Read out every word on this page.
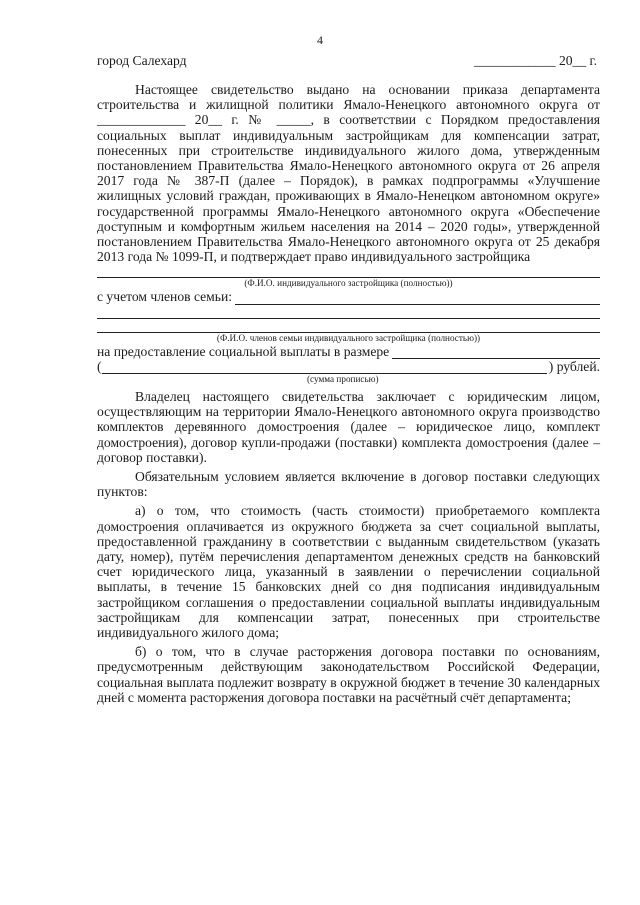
4
город Салехард	____________ 20__ г.

Настоящее свидетельство выдано на основании приказа департамента строительства и жилищной политики Ямало-Ненецкого автономного округа от _____________ 20__ г. № _____, в соответствии с Порядком предоставления социальных выплат индивидуальным застройщикам для компенсации затрат, понесенных при строительстве индивидуального жилого дома, утвержденным постановлением Правительства Ямало-Ненецкого автономного округа от 26 апреля 2017 года № 387-П (далее – Порядок), в рамках подпрограммы «Улучшение жилищных условий граждан, проживающих в Ямало-Ненецком автономном округе» государственной программы Ямало-Ненецкого автономного округа «Обеспечение доступным и комфортным жильем населения на 2014 – 2020 годы», утвержденной постановлением Правительства Ямало-Ненецкого автономного округа от 25 декабря 2013 года № 1099-П, и подтверждает право индивидуального застройщика

(Ф.И.О. индивидуального застройщика (полностью))
с учетом членов семьи:
(Ф.И.О. членов семьи индивидуального застройщика (полностью))
на предоставление социальной выплаты в размере
(	) рублей.
(сумма прописью)

Владелец настоящего свидетельства заключает с юридическим лицом, осуществляющим на территории Ямало-Ненецкого автономного округа производство комплектов деревянного домостроения (далее – юридическое лицо, комплект домостроения), договор купли-продажи (поставки) комплекта домостроения (далее – договор поставки).

Обязательным условием является включение в договор поставки следующих пунктов:

а) о том, что стоимость (часть стоимости) приобретаемого комплекта домостроения оплачивается из окружного бюджета за счет социальной выплаты, предоставленной гражданину в соответствии с выданным свидетельством (указать дату, номер), путём перечисления департаментом денежных средств на банковский счет юридического лица, указанный в заявлении о перечислении социальной выплаты, в течение 15 банковских дней со дня подписания индивидуальным застройщиком соглашения о предоставлении социальной выплаты индивидуальным застройщикам для компенсации затрат, понесенных при строительстве индивидуального жилого дома;

б) о том, что в случае расторжения договора поставки по основаниям, предусмотренным действующим законодательством Российской Федерации, социальная выплата подлежит возврату в окружной бюджет в течение 30 календарных дней с момента расторжения договора поставки на расчётный счёт департамента;
